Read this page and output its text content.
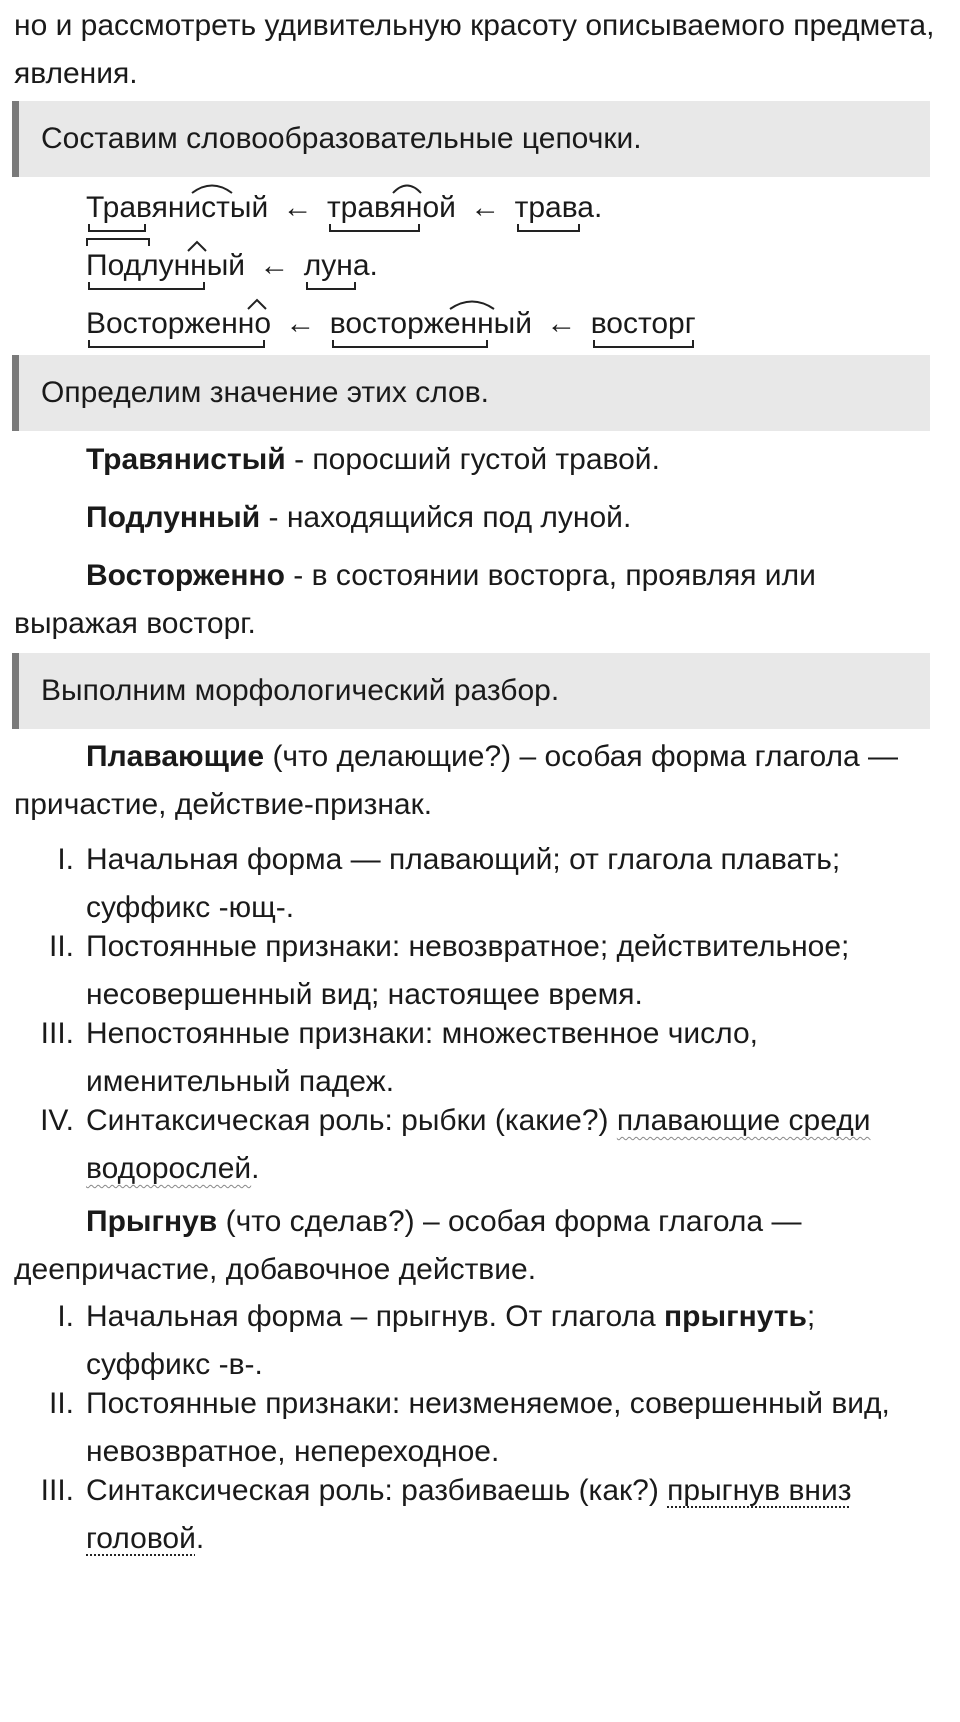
но и рассмотреть удивительную красоту описываемого предмета, явления.

Составим словообразовательные цепочки.
Травянистый ← травяной ← трава
.
Подлунный ← луна
.
Восторженно ← восторженный ← восторг
Определим значение этих слов.

Травянистый - поросший густой травой.

Подлунный - находящийся под луной.

Восторженно - в состоянии восторга, проявляя или выражая восторг.

Выполним морфологический разбор.

Плавающие (что делающие?) – особая форма глагола — причастие, действие-признак.

I. Начальная форма — плавающий; от глагола плавать; суффикс -ющ-.
II. Постоянные признаки: невозвратное; действительное; несовершенный вид; настоящее время.
III. Непостоянные признаки: множественное число, именительный падеж.
IV. Синтаксическая роль: рыбки (какие?) плавающие среди водорослей.

Прыгнув (что сделав?) – особая форма глагола — деепричастие, добавочное действие.

I. Начальная форма – прыгнув. От глагола прыгнуть; суффикс -в-.
II. Постоянные признаки: неизменяемое, совершенный вид, невозвратное, непереходное.
III. Синтаксическая роль: разбиваешь (как?) прыгнув вниз головой.
